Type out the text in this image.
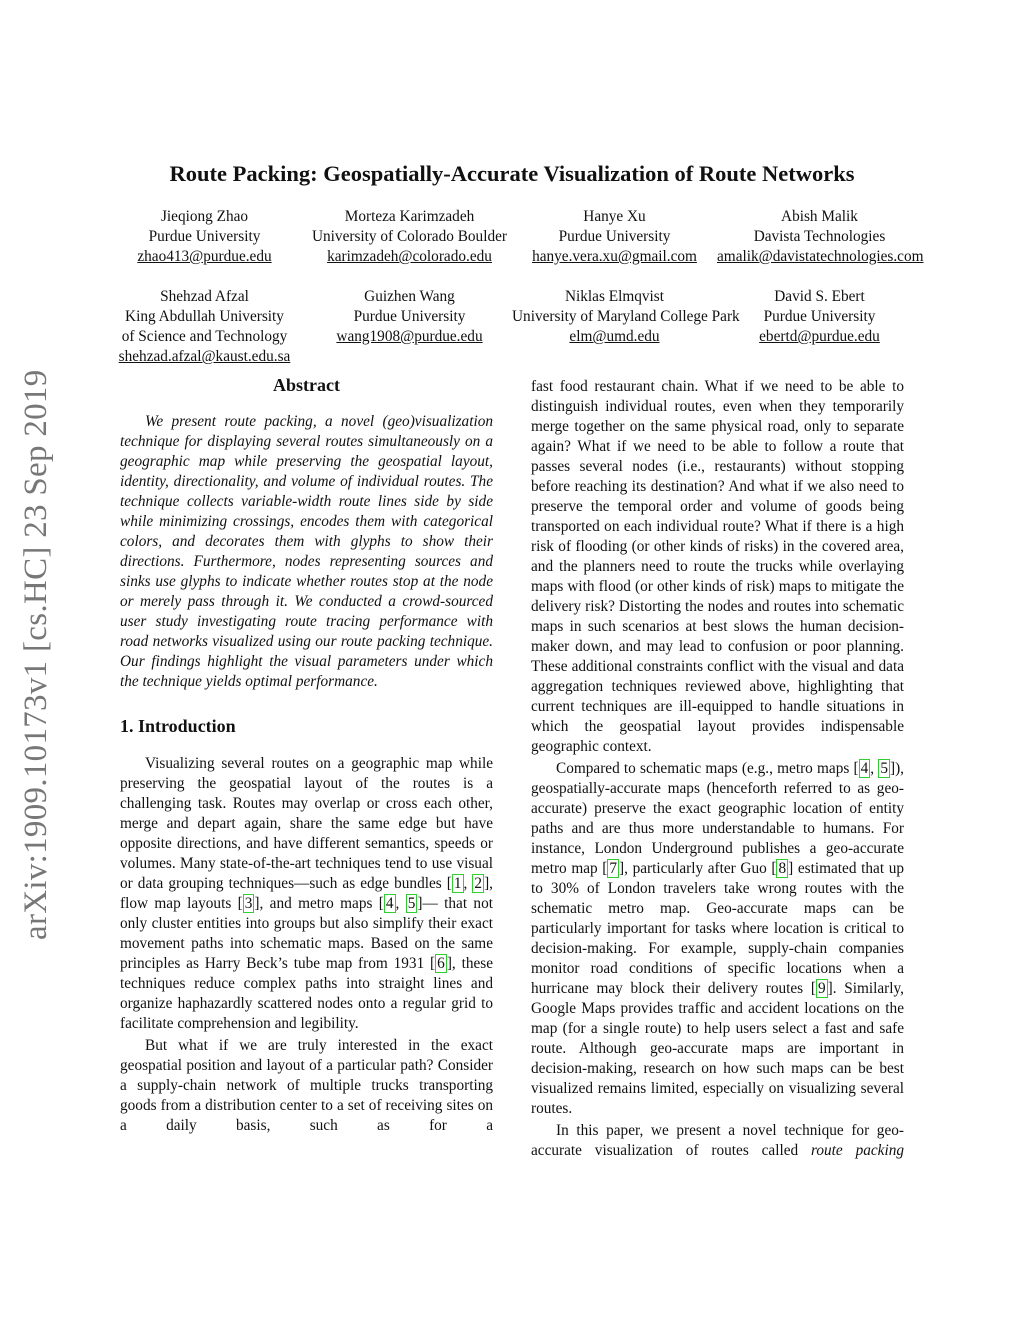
arXiv:1909.10173v1 [cs.HC] 23 Sep 2019
Route Packing: Geospatially-Accurate Visualization of Route Networks
Jieqiong Zhao
Purdue University
zhao413@purdue.edu
Morteza Karimzadeh
University of Colorado Boulder
karimzadeh@colorado.edu
Hanye Xu
Purdue University
hanye.vera.xu@gmail.com
Abish Malik
Davista Technologies
amalik@davistatechnologies.com
Shehzad Afzal
King Abdullah University
of Science and Technology
shehzad.afzal@kaust.edu.sa
Guizhen Wang
Purdue University
wang1908@purdue.edu
Niklas Elmqvist
University of Maryland College Park
elm@umd.edu
David S. Ebert
Purdue University
ebertd@purdue.edu
Abstract

We present route packing, a novel (geo)visualization technique for displaying several routes simultaneously on a geographic map while preserving the geospatial layout, identity, directionality, and volume of individual routes. The technique collects variable-width route lines side by side while minimizing crossings, encodes them with categorical colors, and decorates them with glyphs to show their directions. Furthermore, nodes representing sources and sinks use glyphs to indicate whether routes stop at the node or merely pass through it. We conducted a crowd-sourced user study investigating route tracing performance with road networks visualized using our route packing technique. Our findings highlight the visual parameters under which the technique yields optimal performance.

1. Introduction

Visualizing several routes on a geographic map while preserving the geospatial layout of the routes is a challenging task. Routes may overlap or cross each other, merge and depart again, share the same edge but have opposite directions, and have different semantics, speeds or volumes. Many state-of-the-art techniques tend to use visual or data grouping techniques—such as edge bundles [ 1 , 2 ], flow map layouts [ 3 ], and metro maps [ 4 , 5 ]— that not only cluster entities into groups but also simplify their exact movement paths into schematic maps. Based on the same principles as Harry Beck’s tube map from 1931 [ 6 ], these techniques reduce complex paths into straight lines and organize haphazardly scattered nodes onto a regular grid to facilitate comprehension and legibility.

But what if we are truly interested in the exact geospatial position and layout of a particular path? Consider a supply-chain network of multiple trucks transporting goods from a distribution center to a set of receiving sites on a daily basis, such as for a

fast food restaurant chain. What if we need to be able to distinguish individual routes, even when they temporarily merge together on the same physical road, only to separate again? What if we need to be able to follow a route that passes several nodes (i.e., restaurants) without stopping before reaching its destination? And what if we also need to preserve the temporal order and volume of goods being transported on each individual route? What if there is a high risk of flooding (or other kinds of risks) in the covered area, and the planners need to route the trucks while overlaying maps with flood (or other kinds of risk) maps to mitigate the delivery risk? Distorting the nodes and routes into schematic maps in such scenarios at best slows the human decision-maker down, and may lead to confusion or poor planning. These additional constraints conflict with the visual and data aggregation techniques reviewed above, highlighting that current techniques are ill-equipped to handle situations in which the geospatial layout provides indispensable geographic context.

Compared to schematic maps (e.g., metro maps [ 4 , 5 ]), geospatially-accurate maps (henceforth referred to as geo-accurate) preserve the exact geographic location of entity paths and are thus more understandable to humans. For instance, London Underground publishes a geo-accurate metro map [ 7 ], particularly after Guo [ 8 ] estimated that up to 30% of London travelers take wrong routes with the schematic metro map. Geo-accurate maps can be particularly important for tasks where location is critical to decision-making. For example, supply-chain companies monitor road conditions of specific locations when a hurricane may block their delivery routes [ 9 ]. Similarly, Google Maps provides traffic and accident locations on the map (for a single route) to help users select a fast and safe route. Although geo-accurate maps are important in decision-making, research on how such maps can be best visualized remains limited, especially on visualizing several routes.

In this paper, we present a novel technique for geo-accurate visualization of routes called route packing
